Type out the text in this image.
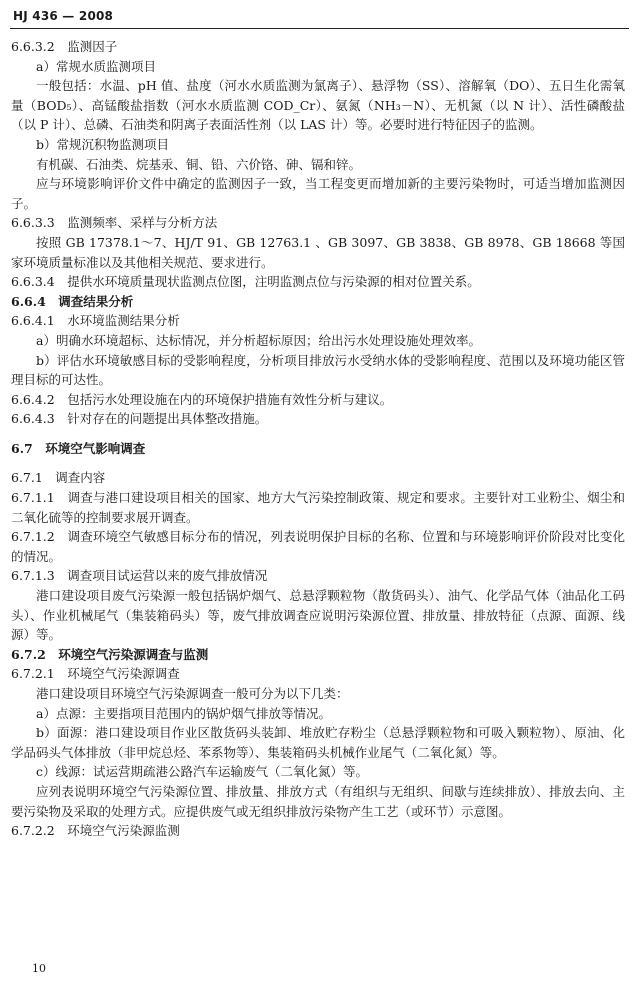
HJ 436 — 2008

6.6.3.2　监测因子

a）常规水质监测项目

一般包括：水温、pH 值、盐度（河水水质监测为氯离子）、悬浮物（SS）、溶解氧（DO）、五日生化需氧量（BOD₅）、高锰酸盐指数（河水水质监测 COD_Cr）、氨氮（NH₃－N）、无机氮（以 N 计）、活性磷酸盐（以 P 计）、总磷、石油类和阴离子表面活性剂（以 LAS 计）等。必要时进行特征因子的监测。

b）常规沉积物监测项目

有机碳、石油类、烷基汞、铜、铅、六价铬、砷、镉和锌。

应与环境影响评价文件中确定的监测因子一致，当工程变更而增加新的主要污染物时，可适当增加监测因子。

6.6.3.3　监测频率、采样与分析方法

按照 GB 17378.1～7、HJ/T 91、GB 12763.1 、GB 3097、GB 3838、GB 8978、GB 18668 等国家环境质量标准以及其他相关规范、要求进行。

6.6.3.4　提供水环境质量现状监测点位图，注明监测点位与污染源的相对位置关系。

6.6.4　调查结果分析

6.6.4.1　水环境监测结果分析

a）明确水环境超标、达标情况，并分析超标原因；给出污水处理设施处理效率。

b）评估水环境敏感目标的受影响程度，分析项目排放污水受纳水体的受影响程度、范围以及环境功能区管理目标的可达性。

6.6.4.2　包括污水处理设施在内的环境保护措施有效性分析与建议。

6.6.4.3　针对存在的问题提出具体整改措施。

6.7　环境空气影响调查

6.7.1　调查内容

6.7.1.1　调查与港口建设项目相关的国家、地方大气污染控制政策、规定和要求。主要针对工业粉尘、烟尘和二氧化硫等的控制要求展开调查。

6.7.1.2　调查环境空气敏感目标分布的情况，列表说明保护目标的名称、位置和与环境影响评价阶段对比变化的情况。

6.7.1.3　调查项目试运营以来的废气排放情况

港口建设项目废气污染源一般包括锅炉烟气、总悬浮颗粒物（散货码头）、油气、化学品气体（油品化工码头）、作业机械尾气（集装箱码头）等，废气排放调查应说明污染源位置、排放量、排放特征（点源、面源、线源）等。

6.7.2　环境空气污染源调查与监测

6.7.2.1　环境空气污染源调查

港口建设项目环境空气污染源调查一般可分为以下几类：

a）点源：主要指项目范围内的锅炉烟气排放等情况。

b）面源：港口建设项目作业区散货码头装卸、堆放贮存粉尘（总悬浮颗粒物和可吸入颗粒物）、原油、化学品码头气体排放（非甲烷总烃、苯系物等）、集装箱码头机械作业尾气（二氧化氮）等。

c）线源：试运营期疏港公路汽车运输废气（二氧化氮）等。

应列表说明环境空气污染源位置、排放量、排放方式（有组织与无组织、间歇与连续排放）、排放去向、主要污染物及采取的处理方式。应提供废气或无组织排放污染物产生工艺（或环节）示意图。

6.7.2.2　环境空气污染源监测

10
